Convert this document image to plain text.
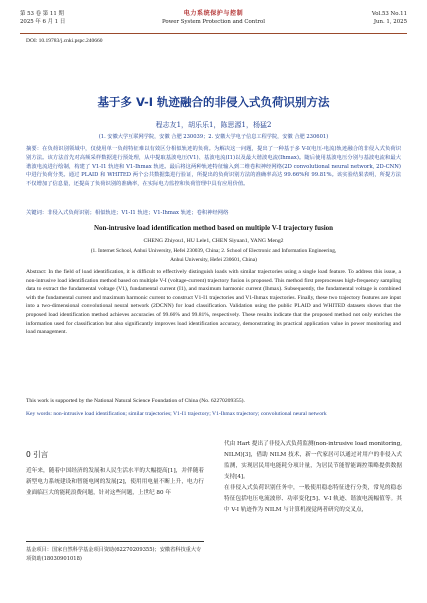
第 53 卷 第 11 期
2025 年 6 月 1 日
电力系统保护与控制
Power System Protection and Control
Vol.53 No.11
Jun. 1, 2025
DOI: 10.19783/j.cnki.pspc.240660
基于多 V-I 轨迹融合的非侵入式负荷识别方法
程志友1，胡乐乐1，陈思源1，杨猛2
(1. 安徽大学互联网学院，安徽 合肥 230039；2. 安徽大学电子信息工程学院，安徽 合肥 230601)
摘要：在负荷识别领域中，仅使用单一负荷特征难以有效区分相似轨迹的负荷。为解决这一问题，提出了一种基于多 V-I(电压-电流)轨迹融合的非侵入式负荷识别方法。该方法首先对高频采样数据进行预处理，从中提取基波电压(V1)、基波电流(I1)以及最大谐波电流(Ihmax)。随后使用基波电压分别与基波电流和最大谐波电流进行绘制，构建了 V1-I1 轨迹和 V1-Ihmax 轨迹。最后将这两种轨迹特征输入到二维卷积神经网络(2D convolutional neural network, 2D-CNN)中进行负荷分类。通过 PLAID 和 WHITED 两个公共数据集进行验证，所提出的负荷识别方法的准确率高达 99.66%和 99.81%。该实验结果表明，所提方法不仅增加了信息量，还提高了负荷识别的准确率，在实际电力监控和负荷管理中具有应用价值。
关键词：非侵入式负荷识别；相似轨迹；V1-I1 轨迹；V1-Ihmax 轨迹；卷积神经网络
Non-intrusive load identification method based on multiple V-I trajectory fusion
CHENG Zhiyou1, HU Lele1, CHEN Siyuan1, YANG Meng2
(1. Internet School, Anhui University, Hefei 230039, China; 2. School of Electronic and Information Engineering,
Anhui University, Hefei 230601, China)
Abstract: In the field of load identification, it is difficult to effectively distinguish loads with similar trajectories using a single load feature. To address this issue, a non-intrusive load identification method based on multiple V-I (voltage-current) trajectory fusion is proposed. This method first preprocesses high-frequency sampling data to extract the fundamental voltage (V1), fundamental current (I1), and maximum harmonic current (Ihmax). Subsequently, the fundamental voltage is combined with the fundamental current and maximum harmonic current to construct V1-I1 trajectories and V1-Ihmax trajectories. Finally, these two trajectory features are input into a two-dimensional convolutional neural network (2DCNN) for load classification. Validation using the public PLAID and WHITED datasets shows that the proposed load identification method achieves accuracies of 99.66% and 99.81%, respectively. These results indicate that the proposed method not only enriches the information used for classification but also significantly improves load identification accuracy, demonstrating its practical application value in power monitoring and load management.
This work is supported by the National Natural Science Foundation of China (No. 62270209355).
Key words: non-intrusive load identification; similar trajectories; V1-I1 trajectory; V1-Ihmax trajectory; convolutional neural network
0 引言

近年来，随着中国经济的发展和人民生活水平的大幅提高[1]，并伴随着新型电力系统建设和智能电网的发展[2]，使用用电量不断上升，电力行业面临巨大的能耗浪费问题，针对这些问题，上世纪 80 年

代由 Hart 提出了非侵入式负荷监测(non-intrusive load monitoring, NILM)[3]，借助 NILM 技术，新一代家居可以通过对用户的非侵入式监测，实现居民用电能耗分项计量，为居民节能智能调控策略提供数据支持[4]。

在非侵入式负荷识别任务中，一般使用稳态特征进行分类，常见的稳态特征包括电压电流波形、功率变化[5]、V-I 轨迹、谐波电流幅值等。其中 V-I 轨迹作为 NILM 与计算机视觉两者研究的交叉点，

基金项目：国家自然科学基金项目资助(62270209355)；安徽省科技重大专项资助(18030901018)
